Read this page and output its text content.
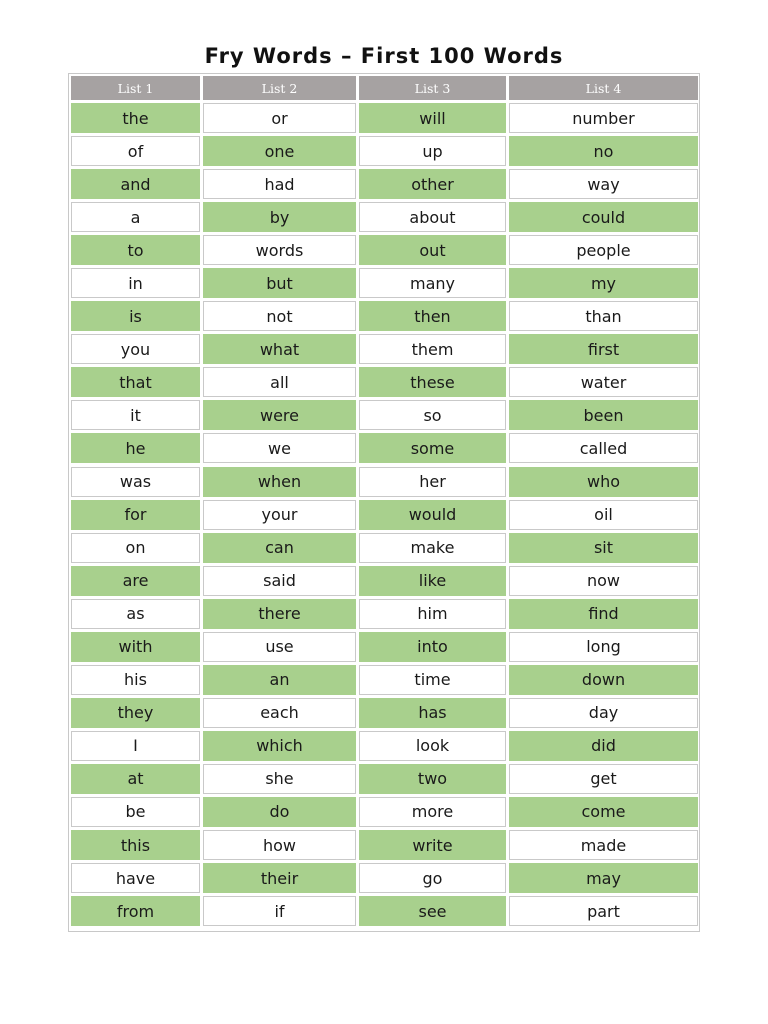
Fry Words – First 100 Words
List 1	List 2	List 3	List 4
the	or	will	number
of	one	up	no
and	had	other	way
a	by	about	could
to	words	out	people
in	but	many	my
is	not	then	than
you	what	them	first
that	all	these	water
it	were	so	been
he	we	some	called
was	when	her	who
for	your	would	oil
on	can	make	sit
are	said	like	now
as	there	him	find
with	use	into	long
his	an	time	down
they	each	has	day
I	which	look	did
at	she	two	get
be	do	more	come
this	how	write	made
have	their	go	may
from	if	see	part
